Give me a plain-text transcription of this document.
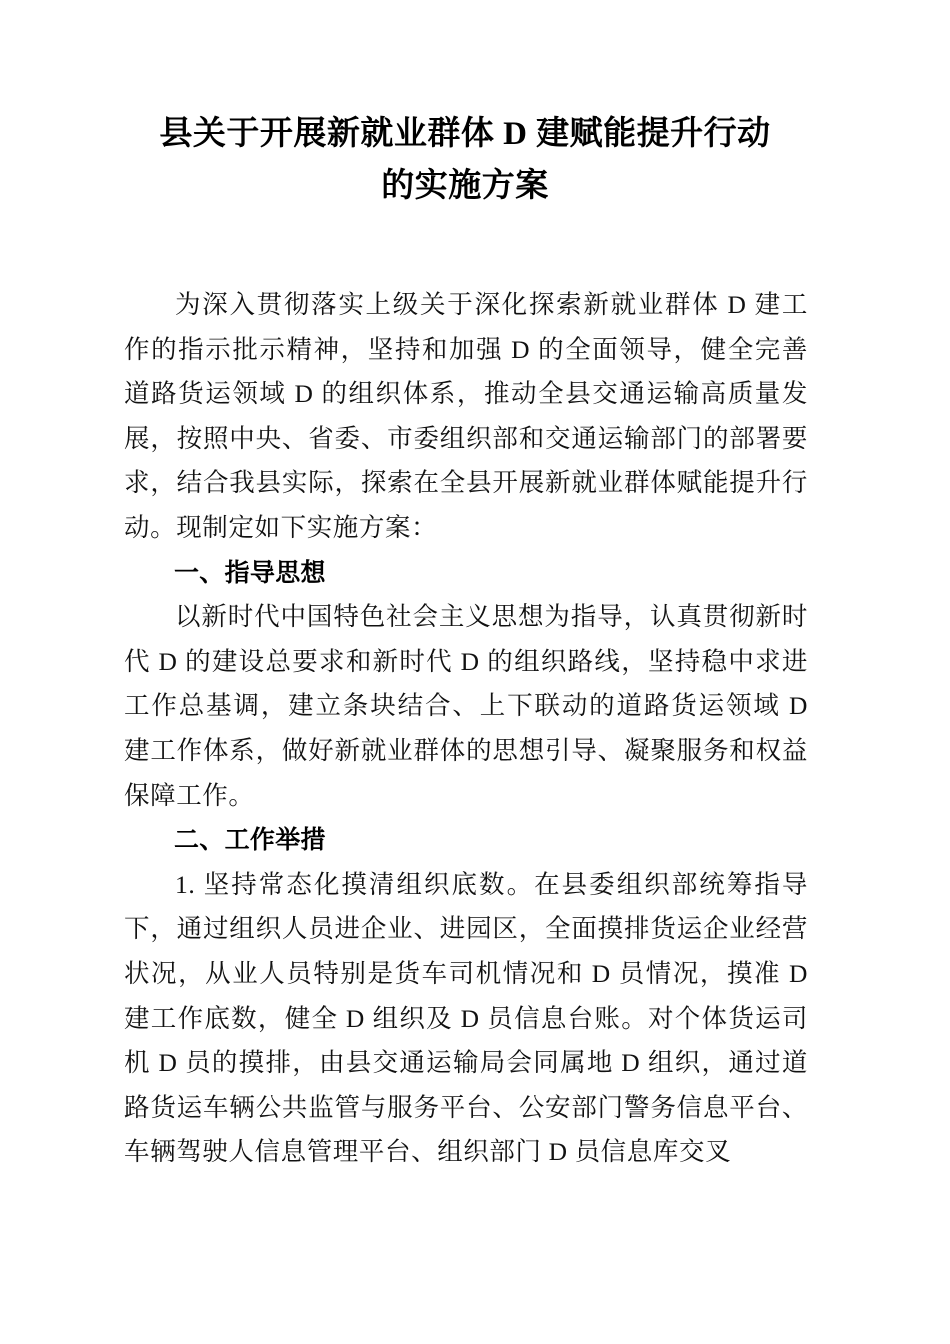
县关于开展新就业群体 D 建赋能提升行动
的实施方案

为深入贯彻落实上级关于深化探索新就业群体 D 建工作的指示批示精神，坚持和加强 D 的全面领导，健全完善道路货运领域 D 的组织体系，推动全县交通运输高质量发展，按照中央、省委、市委组织部和交通运输部门的部署要求，结合我县实际，探索在全县开展新就业群体赋能提升行动。现制定如下实施方案：

一、指导思想

以新时代中国特色社会主义思想为指导，认真贯彻新时代 D 的建设总要求和新时代 D 的组织路线，坚持稳中求进工作总基调，建立条块结合、上下联动的道路货运领域 D 建工作体系，做好新就业群体的思想引导、凝聚服务和权益保障工作。

二、工作举措

1. 坚持常态化摸清组织底数。在县委组织部统筹指导下，通过组织人员进企业、进园区，全面摸排货运企业经营状况，从业人员特别是货车司机情况和 D 员情况，摸准 D 建工作底数，健全 D 组织及 D 员信息台账。对个体货运司机 D 员的摸排，由县交通运输局会同属地 D 组织，通过道路货运车辆公共监管与服务平台、公安部门警务信息平台、车辆驾驶人信息管理平台、组织部门 D 员信息库交叉
